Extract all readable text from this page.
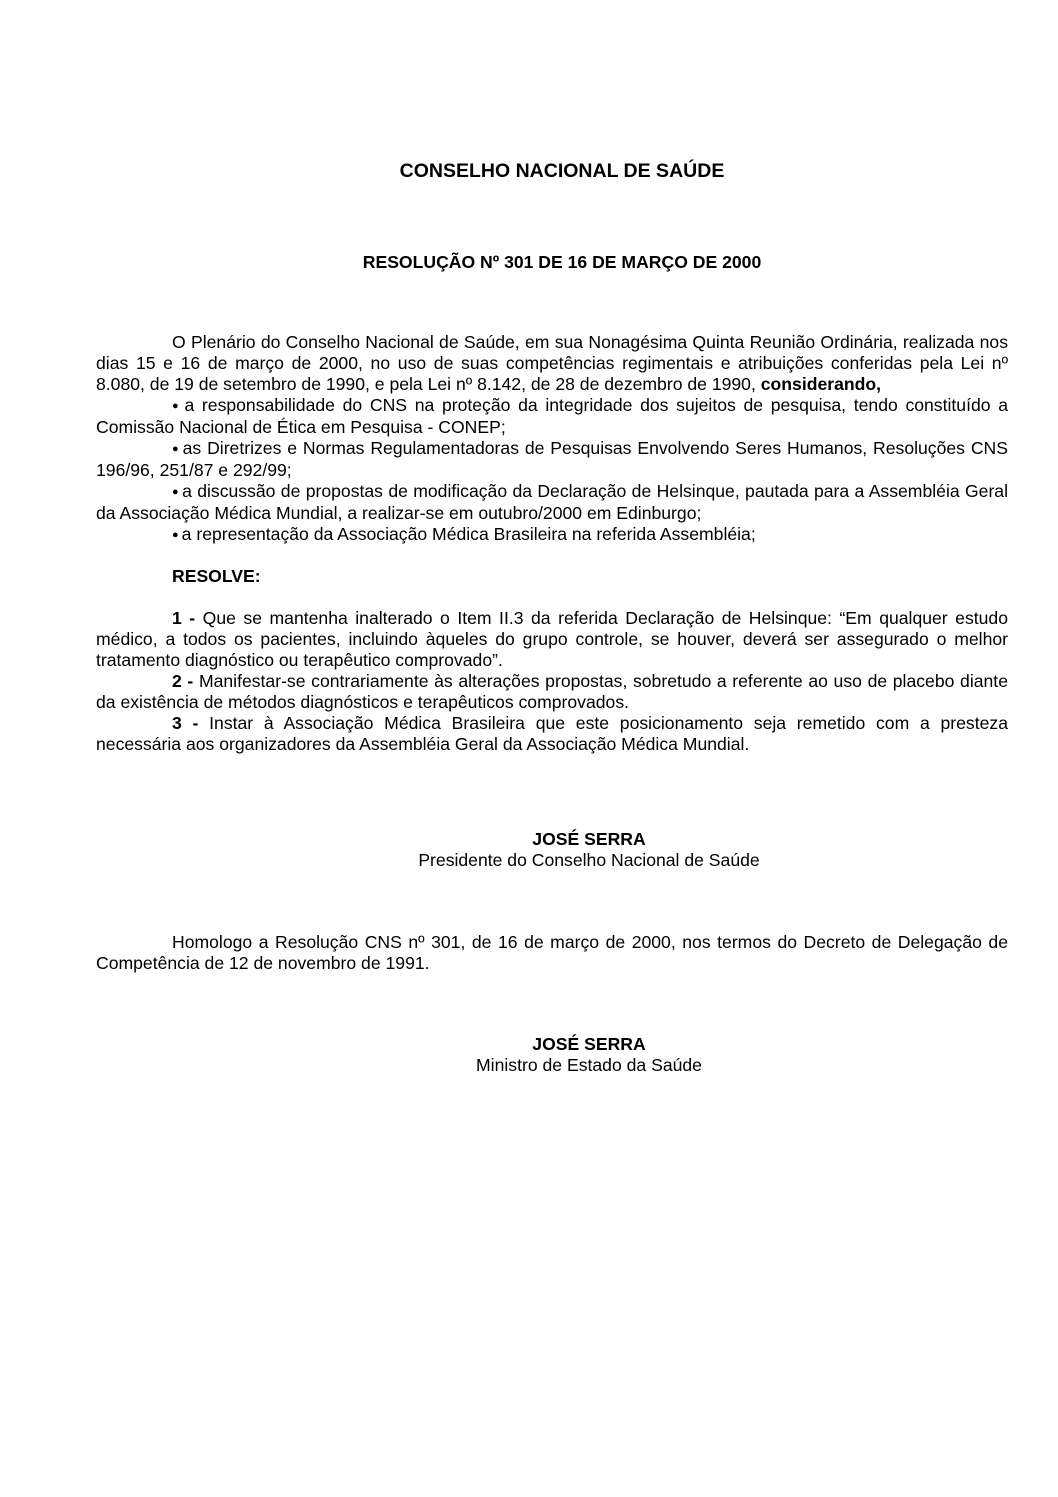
CONSELHO NACIONAL DE SAÚDE
RESOLUÇÃO Nº 301 DE 16 DE MARÇO DE 2000

O Plenário do Conselho Nacional de Saúde, em sua Nonagésima Quinta Reunião Ordinária, realizada nos dias 15 e 16 de março de 2000, no uso de suas competências regimentais e atribuições conferidas pela Lei nº 8.080, de 19 de setembro de 1990, e pela Lei nº 8.142, de 28 de dezembro de 1990, considerando,

● a responsabilidade do CNS na proteção da integridade dos sujeitos de pesquisa, tendo constituído a Comissão Nacional de Ética em Pesquisa - CONEP;

● as Diretrizes e Normas Regulamentadoras de Pesquisas Envolvendo Seres Humanos, Resoluções CNS 196/96, 251/87 e 292/99;

● a discussão de propostas de modificação da Declaração de Helsinque, pautada para a Assembléia Geral da Associação Médica Mundial, a realizar-se em outubro/2000 em Edinburgo;

● a representação da Associação Médica Brasileira na referida Assembléia;

RESOLVE:

1 - Que se mantenha inalterado o Item II.3 da referida Declaração de Helsinque: “Em qualquer estudo médico, a todos os pacientes, incluindo àqueles do grupo controle, se houver, deverá ser assegurado o melhor tratamento diagnóstico ou terapêutico comprovado”.

2 - Manifestar-se contrariamente às alterações propostas, sobretudo a referente ao uso de placebo diante da existência de métodos diagnósticos e terapêuticos comprovados.

3 - Instar à Associação Médica Brasileira que este posicionamento seja remetido com a presteza necessária aos organizadores da Assembléia Geral da Associação Médica Mundial.

JOSÉ SERRA
Presidente do Conselho Nacional de Saúde

Homologo a Resolução CNS nº 301, de 16 de março de 2000, nos termos do Decreto de Delegação de Competência de 12 de novembro de 1991.

JOSÉ SERRA
Ministro de Estado da Saúde
